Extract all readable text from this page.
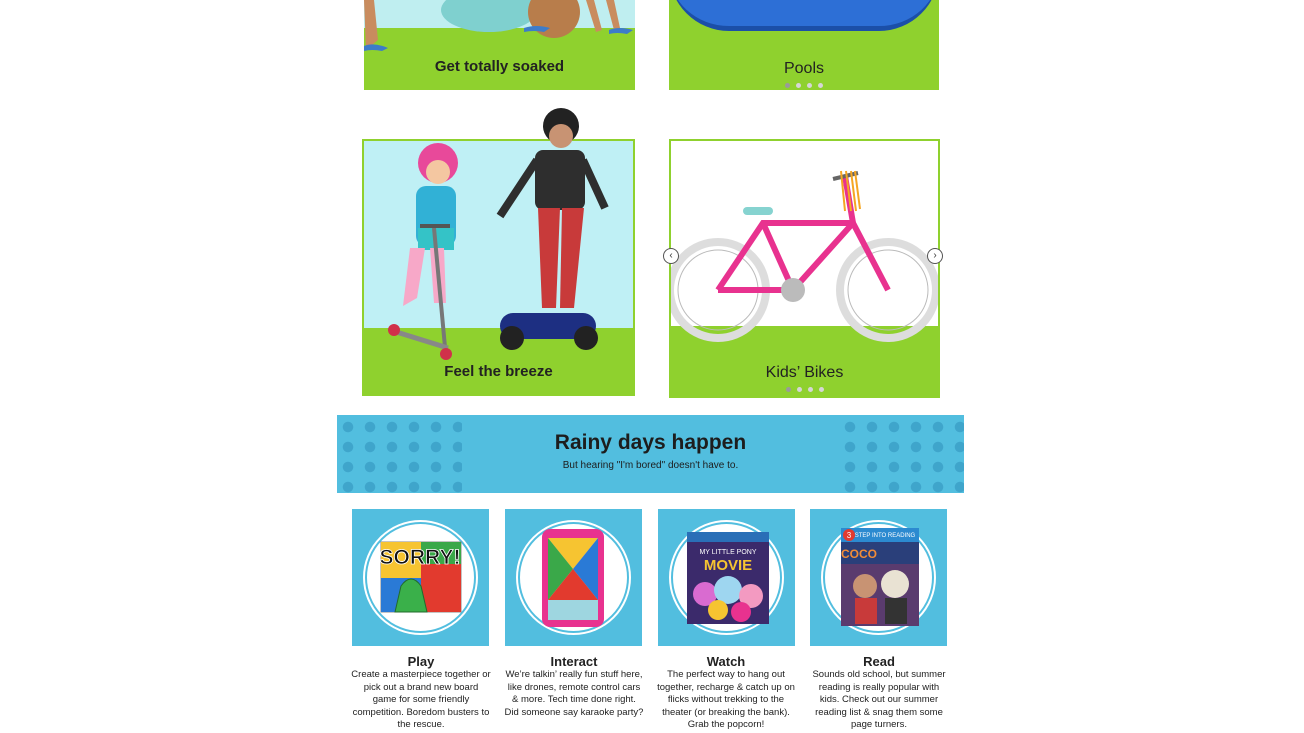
Get totally soaked	Pools
Feel the breeze	Kids’ Bikes
‹	›
Rainy days happen

But hearing "I'm bored" doesn't have to.

SORRY!	MY LITTLE PONY
MOVIE
3 STEP INTO READING
COCO
Play
Create a masterpiece together or pick out a brand new board game for some friendly competition. Boredom busters to the rescue.
Interact
We’re talkin’ really fun stuff here, like drones, remote control cars & more. Tech time done right. Did someone say karaoke party?
Watch
The perfect way to hang out together, recharge & catch up on flicks without trekking to the theater (or breaking the bank). Grab the popcorn!
Read
Sounds old school, but summer reading is really popular with kids. Check out our summer reading list & snag them some page turners.
